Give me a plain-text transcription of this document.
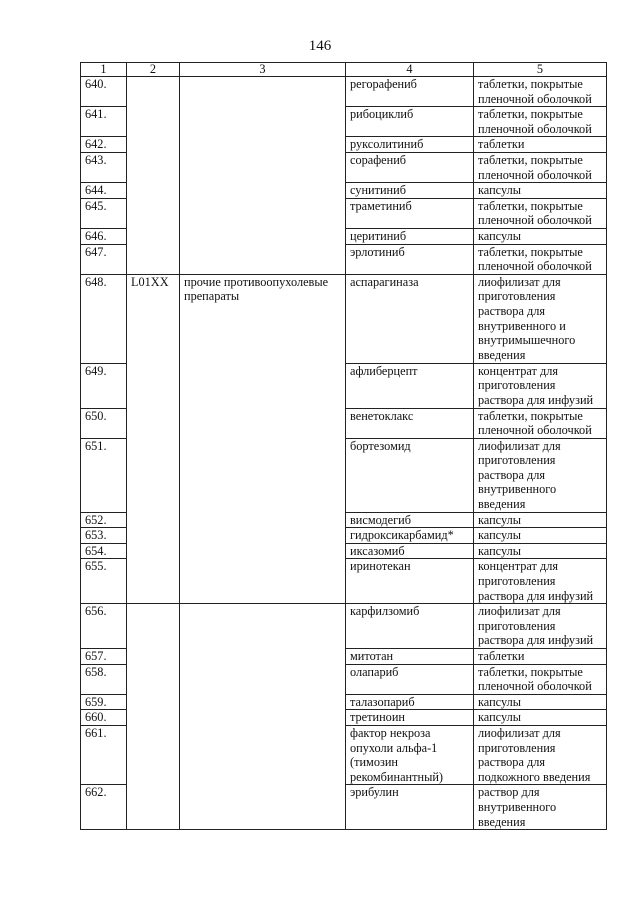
146
1	2	3	4	5
640.			регорафениб	таблетки, покрытые пленочной оболочкой
641.			рибоциклиб	таблетки, покрытые пленочной оболочкой
642.			руксолитиниб	таблетки
643.			сорафениб	таблетки, покрытые пленочной оболочкой
644.			сунитиниб	капсулы
645.			траметиниб	таблетки, покрытые пленочной оболочкой
646.			церитиниб	капсулы
647.			эрлотиниб	таблетки, покрытые пленочной оболочкой
648.	L01XX	прочие противоопухолевые препараты	аспарагиназа	лиофилизат для приготовления раствора для внутривенного и внутримышечного введения
649.			афлиберцепт	концентрат для приготовления раствора для инфузий
650.			венетоклакс	таблетки, покрытые пленочной оболочкой
651.			бортезомид	лиофилизат для приготовления раствора для внутривенного введения
652.			висмодегиб	капсулы
653.			гидроксикарбамид*	капсулы
654.			иксазомиб	капсулы
655.			иринотекан	концентрат для приготовления раствора для инфузий
656.			карфилзомиб	лиофилизат для приготовления раствора для инфузий
657.			митотан	таблетки
658.			олапариб	таблетки, покрытые пленочной оболочкой
659.			талазопариб	капсулы
660.			третиноин	капсулы
661.			фактор некроза опухоли альфа-1 (тимозин рекомбинантный)	лиофилизат для приготовления раствора для подкожного введения
662.			эрибулин	раствор для внутривенного введения
